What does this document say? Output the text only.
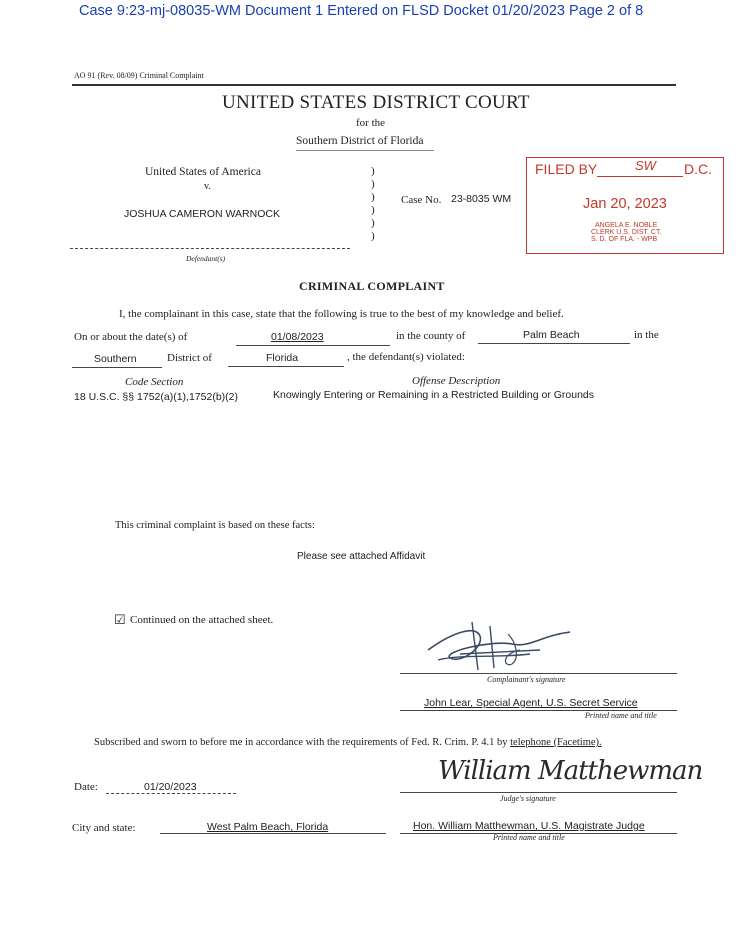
Case 9:23-mj-08035-WM Document 1 Entered on FLSD Docket 01/20/2023 Page 2 of 8
AO 91 (Rev. 08/09) Criminal Complaint
UNITED STATES DISTRICT COURT
for the
Southern District of Florida
United States of America
v.
JOSHUA CAMERON WARNOCK
Defendant(s)
)
)
)
)
)
)
Case No. 23-8035 WM
FILED BY	SW D.C.
Jan 20, 2023
ANGELA E. NOBLE
CLERK U.S. DIST. CT.
S. D. OF FLA. - WPB
CRIMINAL COMPLAINT
I, the complainant in this case, state that the following is true to the best of my knowledge and belief.
On or about the date(s) of	01/08/2023	in the county of	Palm Beach	in the
Southern	District of	Florida	, the defendant(s) violated:
Code Section	Offense Description
18 U.S.C. §§ 1752(a)(1),1752(b)(2)	Knowingly Entering or Remaining in a Restricted Building or Grounds
This criminal complaint is based on these facts:
Please see attached Affidavit
☑ Continued on the attached sheet.
Complainant's signature
John Lear, Special Agent, U.S. Secret Service
Printed name and title
Subscribed and sworn to before me in accordance with the requirements of Fed. R. Crim. P. 4.1 by telephone (Facetime).
Date:	01/20/2023
William Matthewman
Judge's signature
City and state:	West Palm Beach, Florida	Hon. William Matthewman, U.S. Magistrate Judge
Printed name and title
